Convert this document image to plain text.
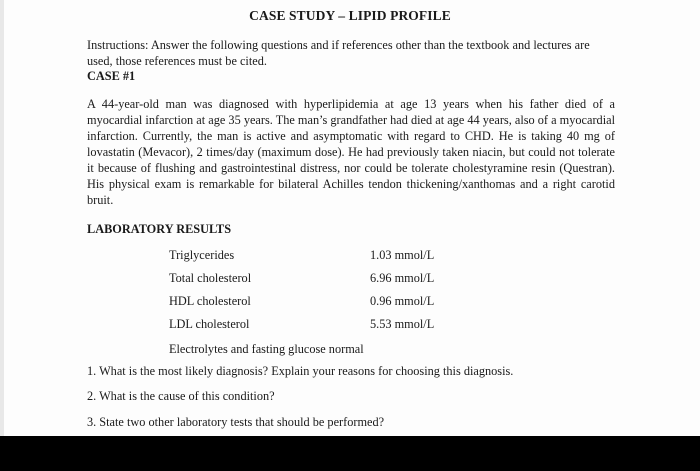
CASE STUDY – LIPID PROFILE
Instructions: Answer the following questions and if references other than the textbook and lectures are used, those references must be cited.
CASE #1
A 44-year-old man was diagnosed with hyperlipidemia at age 13 years when his father died of a myocardial infarction at age 35 years. The man’s grandfather had died at age 44 years, also of a myocardial infarction. Currently, the man is active and asymptomatic with regard to CHD. He is taking 40 mg of lovastatin (Mevacor), 2 times/day (maximum dose). He had previously taken niacin, but could not tolerate it because of flushing and gastrointestinal distress, nor could be tolerate cholestyramine resin (Questran). His physical exam is remarkable for bilateral Achilles tendon thickening/xanthomas and a right carotid bruit.
LABORATORY RESULTS
Triglycerides	1.03 mmol/L
Total cholesterol	6.96 mmol/L
HDL cholesterol	0.96 mmol/L
LDL cholesterol	5.53 mmol/L
Electrolytes and fasting glucose normal
1. What is the most likely diagnosis? Explain your reasons for choosing this diagnosis.
2. What is the cause of this condition?
3. State two other laboratory tests that should be performed?
